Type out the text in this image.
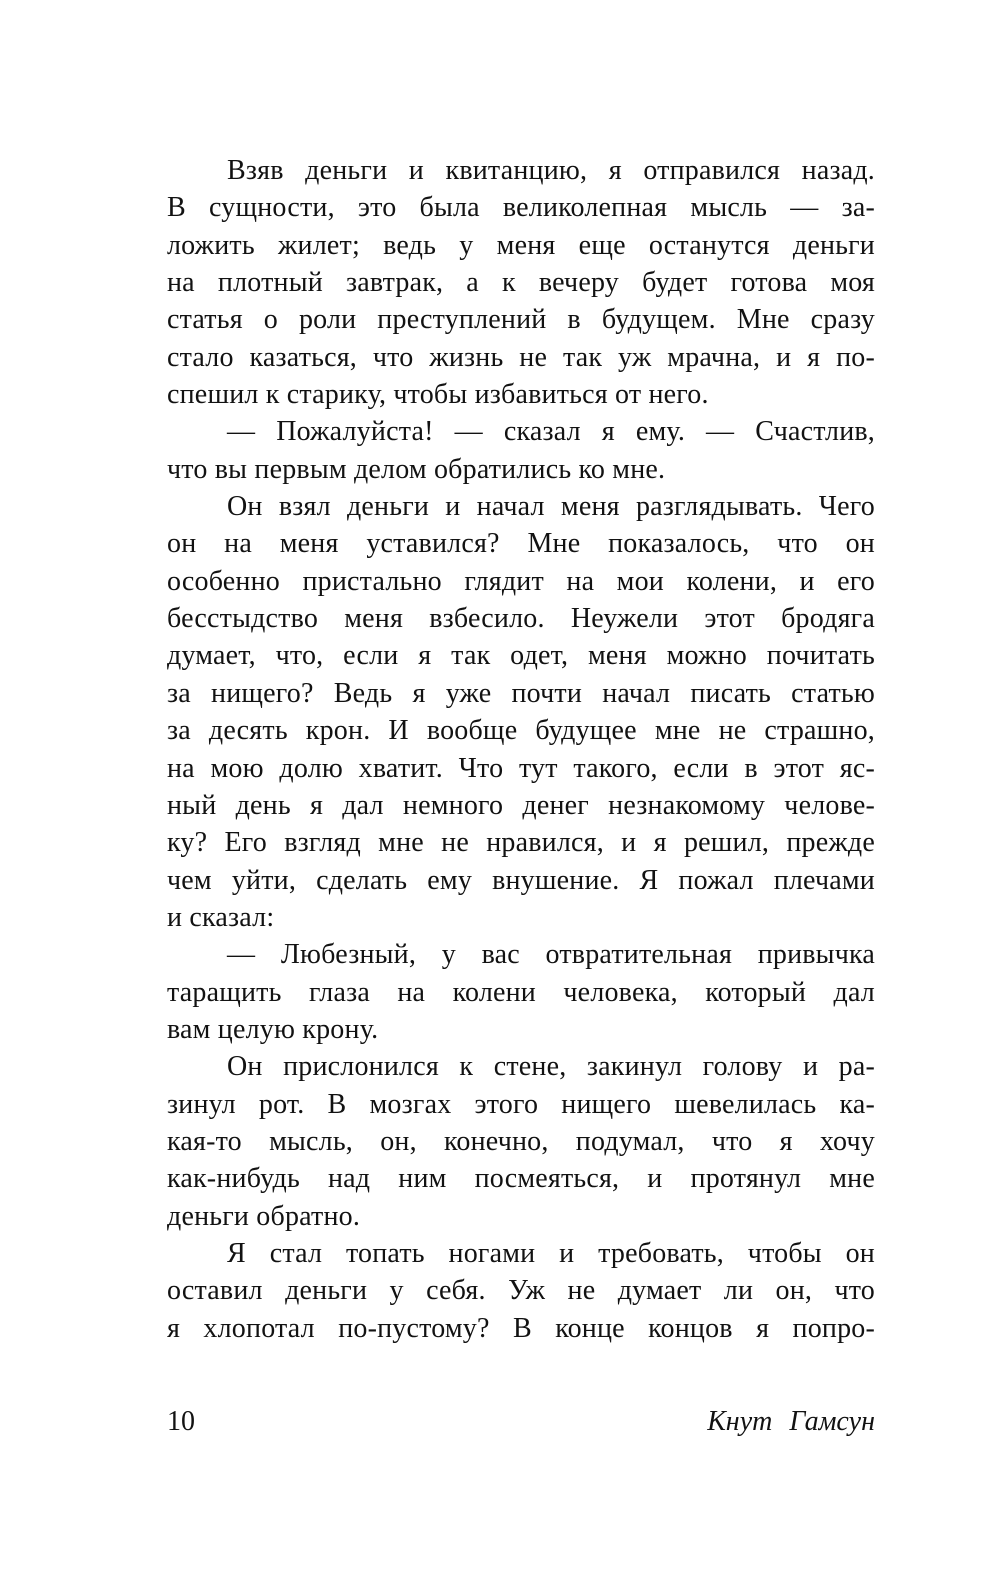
Взяв деньги и квитанцию, я отправился назад.
В сущности, это была великолепная мысль — за-
ложить жилет; ведь у меня еще останутся деньги
на плотный завтрак, а к вечеру будет готова моя
статья о роли преступлений в будущем. Мне сразу
стало казаться, что жизнь не так уж мрачна, и я по-
спешил к старику, чтобы избавиться от него.
— Пожалуйста! — сказал я ему. — Счастлив,
что вы первым делом обратились ко мне.
Он взял деньги и начал меня разглядывать. Чего
он на меня уставился? Мне показалось, что он
особенно пристально глядит на мои колени, и его
бесстыдство меня взбесило. Неужели этот бродяга
думает, что, если я так одет, меня можно почитать
за нищего? Ведь я уже почти начал писать статью
за десять крон. И вообще будущее мне не страшно,
на мою долю хватит. Что тут такого, если в этот яс-
ный день я дал немного денег незнакомому челове-
ку? Его взгляд мне не нравился, и я решил, прежде
чем уйти, сделать ему внушение. Я пожал плечами
и сказал:
— Любезный, у вас отвратительная привычка
таращить глаза на колени человека, который дал
вам целую крону.
Он прислонился к стене, закинул голову и ра-
зинул рот. В мозгах этого нищего шевелилась ка-
кая-то мысль, он, конечно, подумал, что я хочу
как-нибудь над ним посмеяться, и протянул мне
деньги обратно.
Я стал топать ногами и требовать, чтобы он
оставил деньги у себя. Уж не думает ли он, что
я хлопотал по-пустому? В конце концов я попро-
10	Кнут Гамсун
